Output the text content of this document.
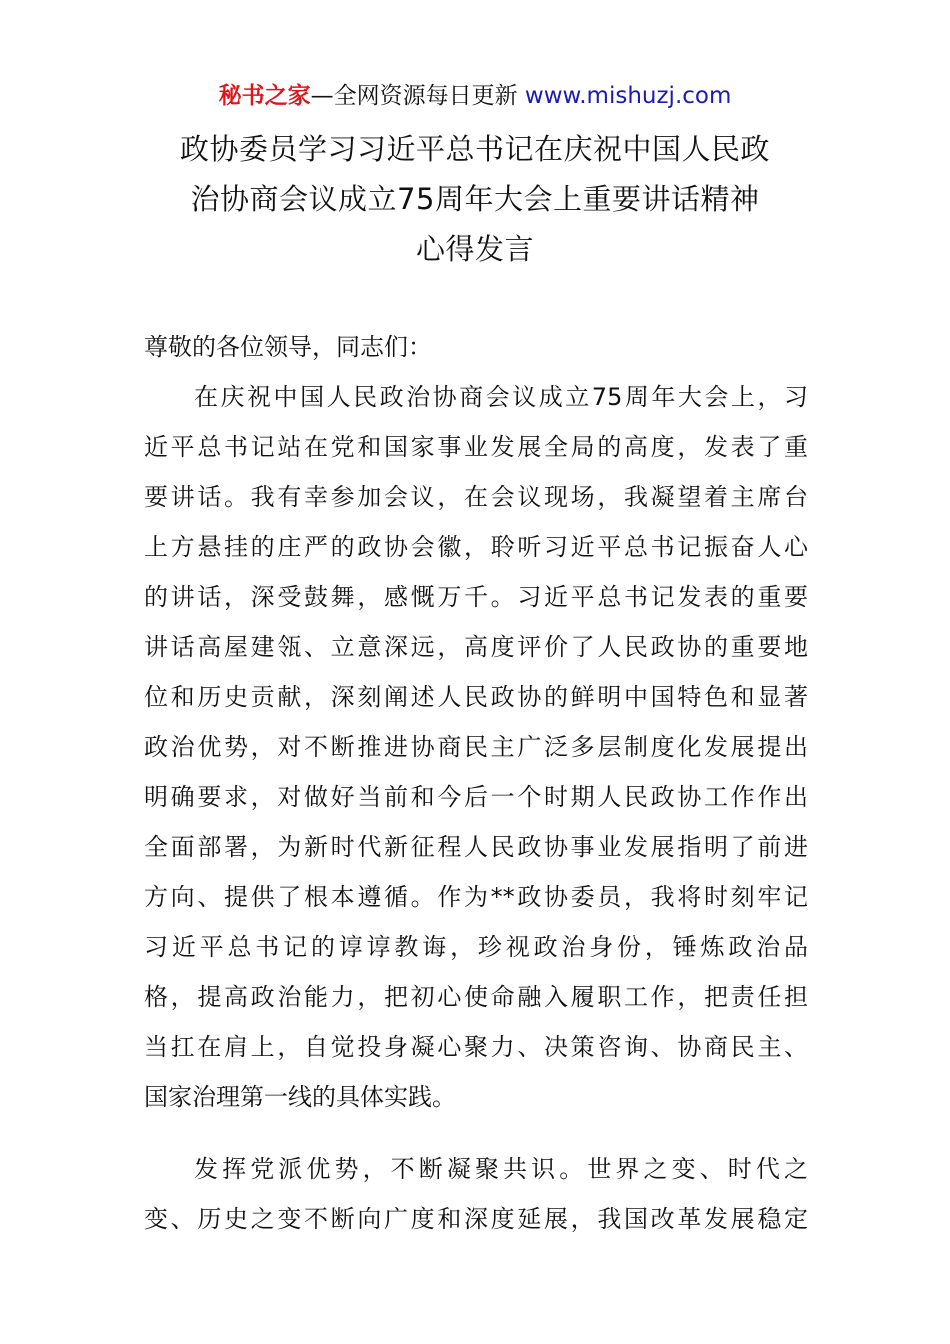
秘书之家—全网资源每日更新 www.mishuzj.com
政协委员学习习近平总书记在庆祝中国人民政
治协商会议成立75周年大会上重要讲话精神
心得发言

尊敬的各位领导，同志们：

在庆祝中国人民政治协商会议成立75周年大会上，习
近平总书记站在党和国家事业发展全局的高度，发表了重
要讲话。我有幸参加会议，在会议现场，我凝望着主席台
上方悬挂的庄严的政协会徽，聆听习近平总书记振奋人心
的讲话，深受鼓舞，感慨万千。习近平总书记发表的重要
讲话高屋建瓴、立意深远，高度评价了人民政协的重要地
位和历史贡献，深刻阐述人民政协的鲜明中国特色和显著
政治优势，对不断推进协商民主广泛多层制度化发展提出
明确要求，对做好当前和今后一个时期人民政协工作作出
全面部署，为新时代新征程人民政协事业发展指明了前进
方向、提供了根本遵循。作为**政协委员，我将时刻牢记
习近平总书记的谆谆教诲，珍视政治身份，锤炼政治品
格，提高政治能力，把初心使命融入履职工作，把责任担
当扛在肩上，自觉投身凝心聚力、决策咨询、协商民主、
国家治理第一线的具体实践。

发挥党派优势，不断凝聚共识。世界之变、时代之
变、历史之变不断向广度和深度延展，我国改革发展稳定
